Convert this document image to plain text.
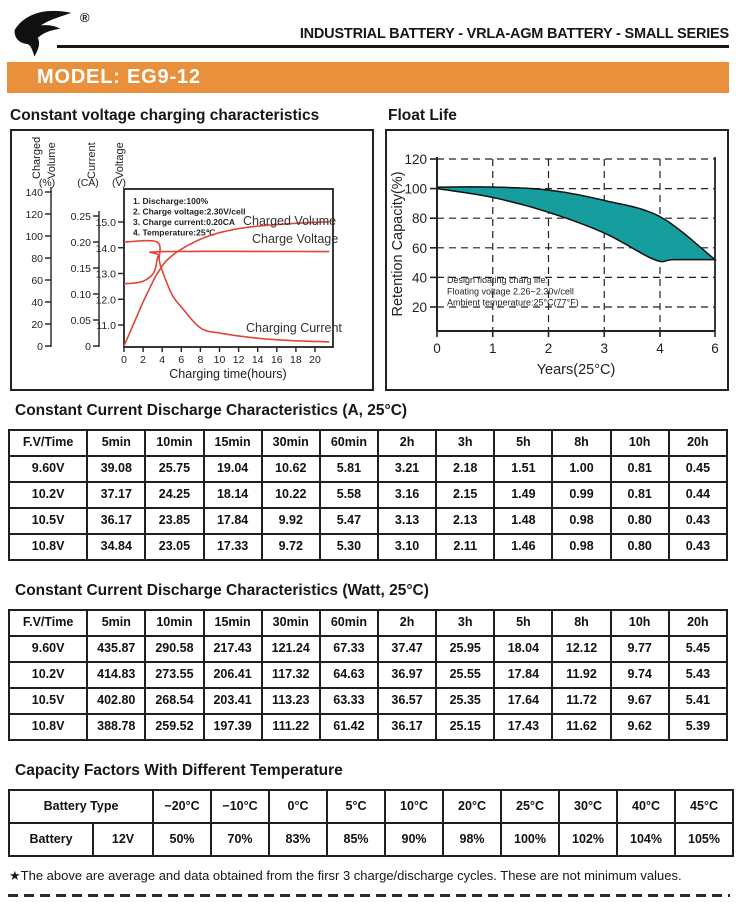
®
INDUSTRIAL BATTERY - VRLA-AGM BATTERY - SMALL SERIES
MODEL: EG9-12
Constant voltage charging characteristics	Float Life
0
20
40
60
80
100
120
140
0
0.05
0.10
0.15
0.20
0.25
11.0
12.0
13.0
14.0
15.0
0 2 4 6 8 10 12 14 16 18 20
Charging time(hours)
Charged Volume	Current Voltage
(%) (CA) (V)
1. Discharge:100%
2. Charge voltage:2.30V/cell
3. Charge current:0.20CA
4. Temperature:25℃
Charged Volume
Charge Voltage
Charging Current
120
100
80
60
40
20
0	1	2	3	4	6
Retention Capacity(%)
Years(25°C)
Design floating charg life:
Floating voltage 2.26~2.30v/cell
Ambient temperature:25°C(77°F)
Constant Current Discharge Characteristics (A, 25°C)
F.V/Time	5min	10min	15min	30min	60min	2h	3h	5h	8h	10h	20h
9.60V	39.08	25.75	19.04	10.62	5.81	3.21	2.18	1.51	1.00	0.81	0.45
10.2V	37.17	24.25	18.14	10.22	5.58	3.16	2.15	1.49	0.99	0.81	0.44
10.5V	36.17	23.85	17.84	9.92	5.47	3.13	2.13	1.48	0.98	0.80	0.43
10.8V	34.84	23.05	17.33	9.72	5.30	3.10	2.11	1.46	0.98	0.80	0.43
Constant Current Discharge Characteristics (Watt, 25°C)
F.V/Time	5min	10min	15min	30min	60min	2h	3h	5h	8h	10h	20h
9.60V	435.87	290.58	217.43	121.24	67.33	37.47	25.95	18.04	12.12	9.77	5.45
10.2V	414.83	273.55	206.41	117.32	64.63	36.97	25.55	17.84	11.92	9.74	5.43
10.5V	402.80	268.54	203.41	113.23	63.33	36.57	25.35	17.64	11.72	9.67	5.41
10.8V	388.78	259.52	197.39	111.22	61.42	36.17	25.15	17.43	11.62	9.62	5.39
Capacity Factors With Different Temperature
Battery Type		−20°C	−10°C	0°C	5°C	10°C	20°C	25°C	30°C	40°C	45°C
Battery	12V	50%	70%	83%	85%	90%	98%	100%	102%	104%	105%
★The above are average and data obtained from the firsr 3 charge/discharge cycles. These are not minimum values.
